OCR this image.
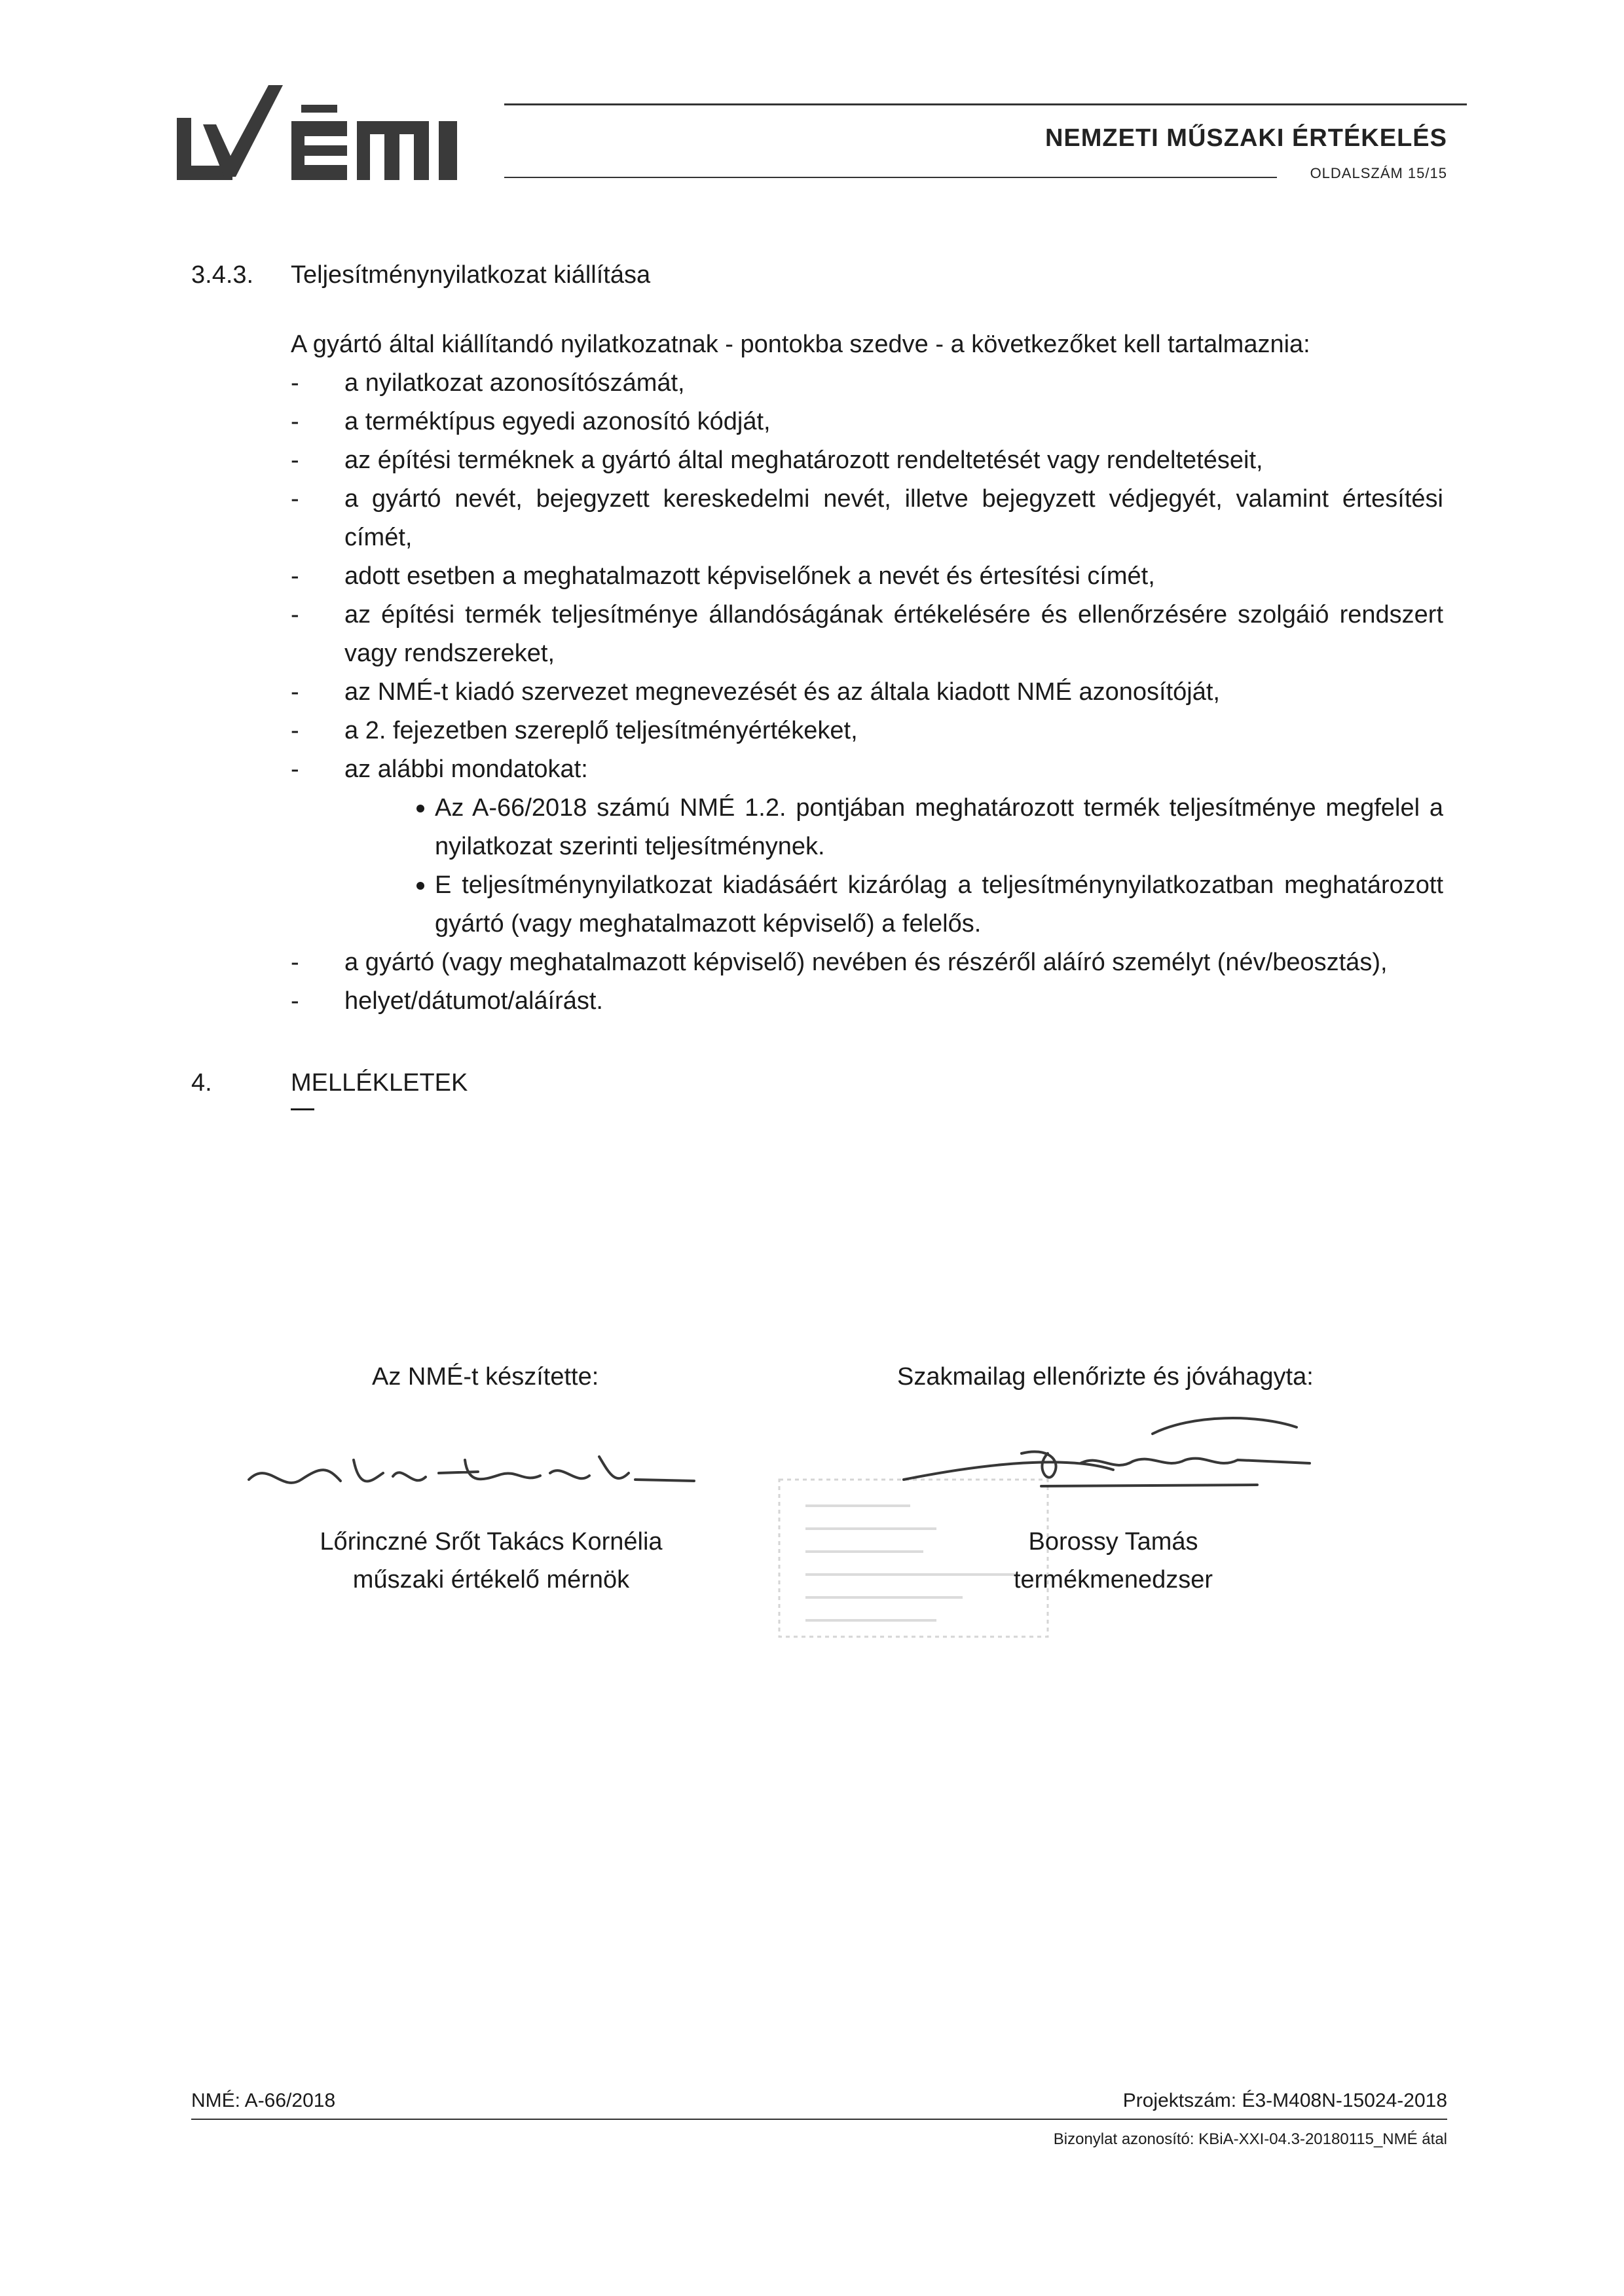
NEMZETI MŰSZAKI ÉRTÉKELÉS
OLDALSZÁM 15/15
3.4.3. Teljesítménynyilatkozat kiállítása
A gyártó által kiállítandó nyilatkozatnak - pontokba szedve - a következőket kell tartalmaznia:
- a nyilatkozat azonosítószámát,
- a terméktípus egyedi azonosító kódját,
- az építési terméknek a gyártó által meghatározott rendeltetését vagy rendeltetéseit,
- a gyártó nevét, bejegyzett kereskedelmi nevét, illetve bejegyzett védjegyét, valamint értesítési címét,
- adott esetben a meghatalmazott képviselőnek a nevét és értesítési címét,
- az építési termék teljesítménye állandóságának értékelésére és ellenőrzésére szolgáió rendszert vagy rendszereket,
- az NMÉ-t kiadó szervezet megnevezését és az általa kiadott NMÉ azonosítóját,
- a 2. fejezetben szereplő teljesítményértékeket,
- az alábbi mondatokat:
Az A-66/2018 számú NMÉ 1.2. pontjában meghatározott termék teljesítménye megfelel a nyilatkozat szerinti teljesítménynek.
E teljesítménynyilatkozat kiadásáért kizárólag a teljesítménynyilatkozatban meghatározott gyártó (vagy meghatalmazott képviselő) a felelős.
- a gyártó (vagy meghatalmazott képviselő) nevében és részéről aláíró személyt (név/beosztás),
- helyet/dátumot/aláírást.
4.	MELLÉKLETEK
Az NMÉ-t készítette:	Szakmailag ellenőrizte és jóváhagyta:
Lőrinczné Srőt Takács Kornélia
műszaki értékelő mérnök
Borossy Tamás
termékmenedzser
NMÉ: A-66/2018	Projektszám: É3-M408N-15024-2018
Bizonylat azonosító: KBiA-XXI-04.3-20180115_NMÉ átal
